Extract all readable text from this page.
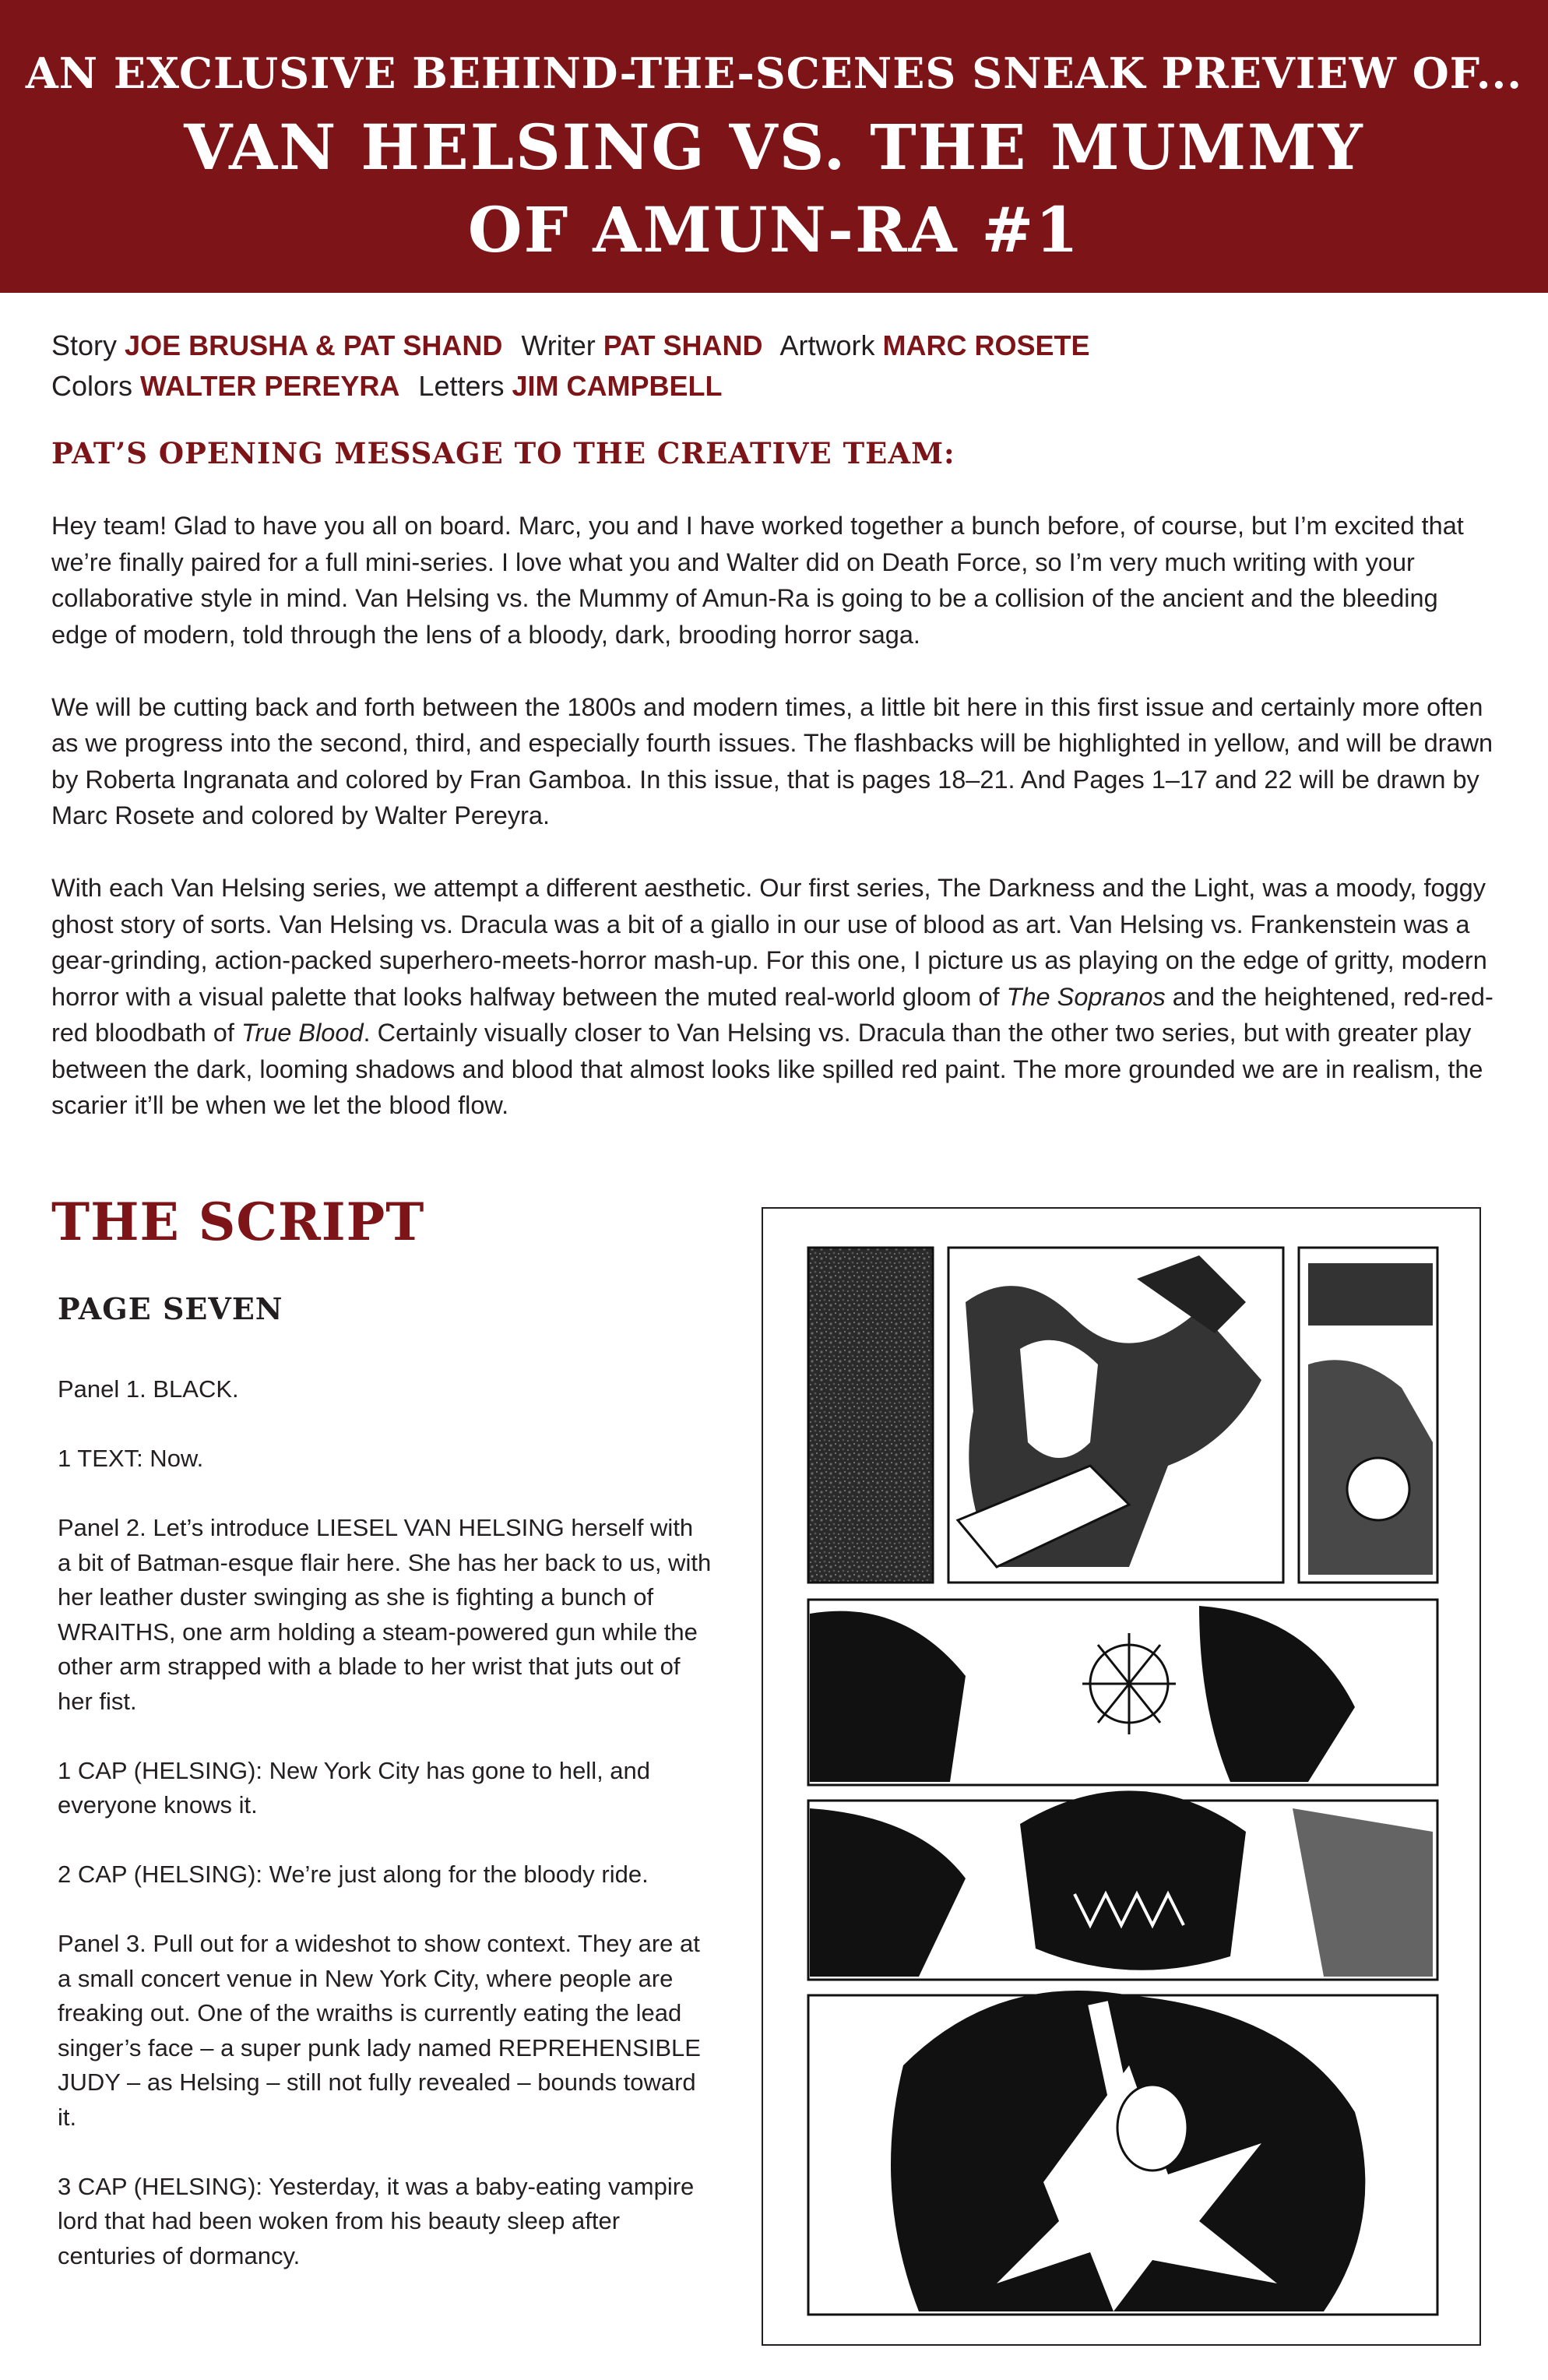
AN EXCLUSIVE BEHIND-THE-SCENES SNEAK PREVIEW OF...
VAN HELSING VS. THE MUMMY
OF AMUN-RA #1
Story JOE BRUSHA & PAT SHAND Writer PAT SHAND Artwork MARC ROSETE
Colors WALTER PEREYRA Letters JIM CAMPBELL
PAT’S OPENING MESSAGE TO THE CREATIVE TEAM:

Hey team! Glad to have you all on board. Marc, you and I have worked together a bunch before, of course, but I’m excited that we’re finally paired for a full mini-series. I love what you and Walter did on Death Force, so I’m very much writing with your collaborative style in mind. Van Helsing vs. the Mummy of Amun-Ra is going to be a collision of the ancient and the bleeding edge of modern, told through the lens of a bloody, dark, brooding horror saga.

We will be cutting back and forth between the 1800s and modern times, a little bit here in this first issue and certainly more often as we progress into the second, third, and especially fourth issues. The flashbacks will be highlighted in yellow, and will be drawn by Roberta Ingranata and colored by Fran Gamboa. In this issue, that is pages 18–21. And Pages 1–17 and 22 will be drawn by Marc Rosete and colored by Walter Pereyra.

With each Van Helsing series, we attempt a different aesthetic. Our first series, The Darkness and the Light, was a moody, foggy ghost story of sorts. Van Helsing vs. Dracula was a bit of a giallo in our use of blood as art. Van Helsing vs. Frankenstein was a gear-grinding, action-packed superhero-meets-horror mash-up. For this one, I picture us as playing on the edge of gritty, modern horror with a visual palette that looks halfway between the muted real-world gloom of The Sopranos and the heightened, red-red-red bloodbath of True Blood. Certainly visually closer to Van Helsing vs. Dracula than the other two series, but with greater play between the dark, looming shadows and blood that almost looks like spilled red paint. The more grounded we are in realism, the scarier it’ll be when we let the blood flow.

THE SCRIPT
PAGE SEVEN

Panel 1. BLACK.

1 TEXT: Now.

Panel 2. Let’s introduce LIESEL VAN HELSING herself with a bit of Batman-esque flair here. She has her back to us, with her leather duster swinging as she is fighting a bunch of WRAITHS, one arm holding a steam-powered gun while the other arm strapped with a blade to her wrist that juts out of her fist.

1 CAP (HELSING): New York City has gone to hell, and everyone knows it.

2 CAP (HELSING): We’re just along for the bloody ride.

Panel 3. Pull out for a wideshot to show context. They are at a small concert venue in New York City, where people are freaking out. One of the wraiths is currently eating the lead singer’s face – a super punk lady named REPREHENSIBLE JUDY – as Helsing – still not fully revealed – bounds toward it.

3 CAP (HELSING): Yesterday, it was a baby-eating vampire lord that had been woken from his beauty sleep after centuries of dormancy.
